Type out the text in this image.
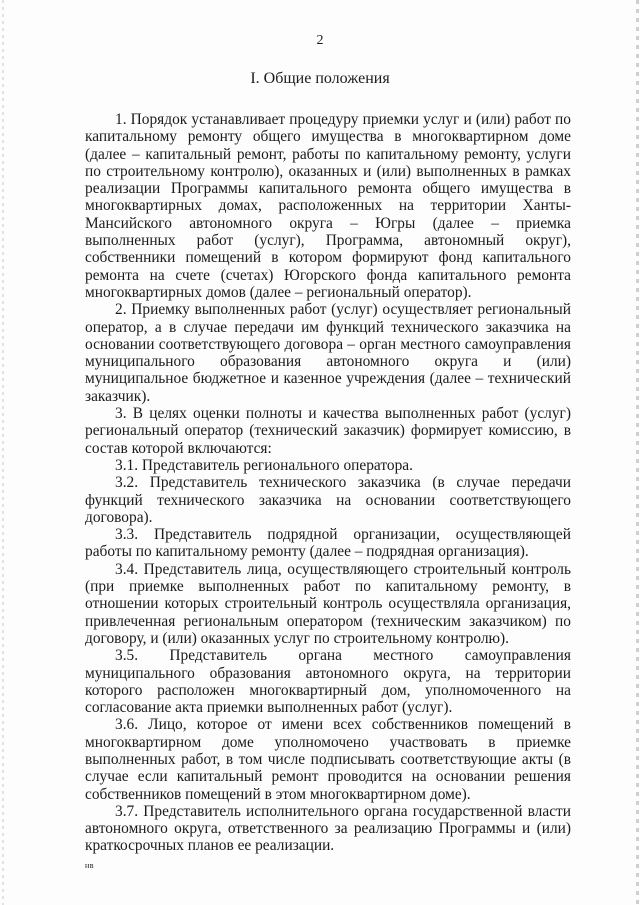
2
I. Общие положения

1. Порядок устанавливает процедуру приемки услуг и (или) работ по капитальному ремонту общего имущества в многоквартирном доме (далее – капитальный ремонт, работы по капитальному ремонту, услуги по строительному контролю), оказанных и (или) выполненных в рамках реализации Программы капитального ремонта общего имущества в многоквартирных домах, расположенных на территории Ханты-Мансийского автономного округа – Югры (далее – приемка выполненных работ (услуг), Программа, автономный округ), собственники помещений в котором формируют фонд капитального ремонта на счете (счетах) Югорского фонда капитального ремонта многоквартирных домов (далее – региональный оператор).

2. Приемку выполненных работ (услуг) осуществляет региональный оператор, а в случае передачи им функций технического заказчика на основании соответствующего договора – орган местного самоуправления муниципального образования автономного округа и (или) муниципальное бюджетное и казенное учреждения (далее – технический заказчик).

3. В целях оценки полноты и качества выполненных работ (услуг) региональный оператор (технический заказчик) формирует комиссию, в состав которой включаются:

3.1. Представитель регионального оператора.

3.2. Представитель технического заказчика (в случае передачи функций технического заказчика на основании соответствующего договора).

3.3. Представитель подрядной организации, осуществляющей работы по капитальному ремонту (далее – подрядная организация).

3.4. Представитель лица, осуществляющего строительный контроль (при приемке выполненных работ по капитальному ремонту, в отношении которых строительный контроль осуществляла организация, привлеченная региональным оператором (техническим заказчиком) по договору, и (или) оказанных услуг по строительному контролю).

3.5. Представитель органа местного самоуправления муниципального образования автономного округа, на территории которого расположен многоквартирный дом, уполномоченного на согласование акта приемки выполненных работ (услуг).

3.6. Лицо, которое от имени всех собственников помещений в многоквартирном доме уполномочено участвовать в приемке выполненных работ, в том числе подписывать соответствующие акты (в случае если капитальный ремонт проводится на основании решения собственников помещений в этом многоквартирном доме).

3.7. Представитель исполнительного органа государственной власти автономного округа, ответственного за реализацию Программы и (или) краткосрочных планов ее реализации.

нв
